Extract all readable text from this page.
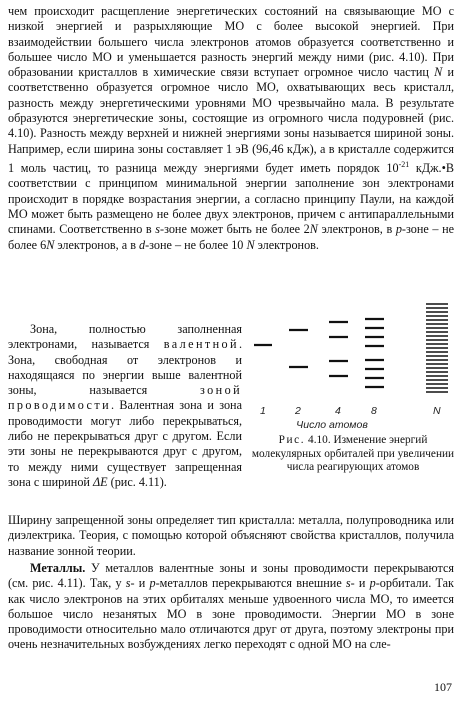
чем происходит расщепление энергетических состояний на связывающие МО с низкой энергией и разрыхляющие МО с более высокой энергией. При взаимодействии большего числа электронов атомов образуется соответственно и большее число МО и уменьшается разность энергий между ними (рис. 4.10). При образовании кристаллов в химические связи вступает огромное число частиц N и соответственно образуется огромное число МО, охватывающих весь кристалл, разность между энергетическими уровнями МО чрезвычайно мала. В результате образуются энергетические зоны, состоящие из огромного числа подуровней (рис. 4.10). Разность между верхней и нижней энергиями зоны называется шириной зоны. Например, если ширина зоны составляет 1 эВ (96,46 кДж), а в кристалле содержится 1 моль частиц, то разница между энергиями будет иметь порядок $10^{-21}$ кДж.•В соответствии с принципом минимальной энергии заполнение зон электронами происходит в порядке возрастания энергии, а согласно принципу Паули, на каждой МО может быть размещено не более двух электронов, причем с антипараллельными спинами. Соответственно в s-зоне может быть не более 2N электронов, в p-зоне – не более 6N электронов, а в d-зоне – не более 10 N электронов.

Зона, полностью заполненная электронами, называется валентной. Зона, свободная от электронов и находящаяся по энергии выше валентной зоны, называется зоной проводимости. Валентная зона и зона проводимости могут либо перекрываться, либо не перекрываться друг с другом. Если эти зоны не перекрываются друг с другом, то между ними существует запрещенная зона с шириной ΔE (рис. 4.11).

1	2	4	8	N
Число атомов
Рис. 4.10. Изменение энергий молекулярных орбиталей при увеличении числа реагирующих атомов

Ширину запрещенной зоны определяет тип кристалла: металла, полупроводника или диэлектрика. Теория, с помощью которой объясняют свойства кристаллов, получила название зонной теории.

Металлы. У металлов валентные зоны и зоны проводимости перекрываются (см. рис. 4.11). Так, у s- и p-металлов перекрываются внешние s- и p-орбитали. Так как число электронов на этих орбиталях меньше удвоенного числа МО, то имеется большое число незанятых МО в зоне проводимости. Энергии МО в зоне проводимости относительно мало отличаются друг от друга, поэтому электроны при очень незначительных возбуждениях легко переходят с одной МО на сле-

107
